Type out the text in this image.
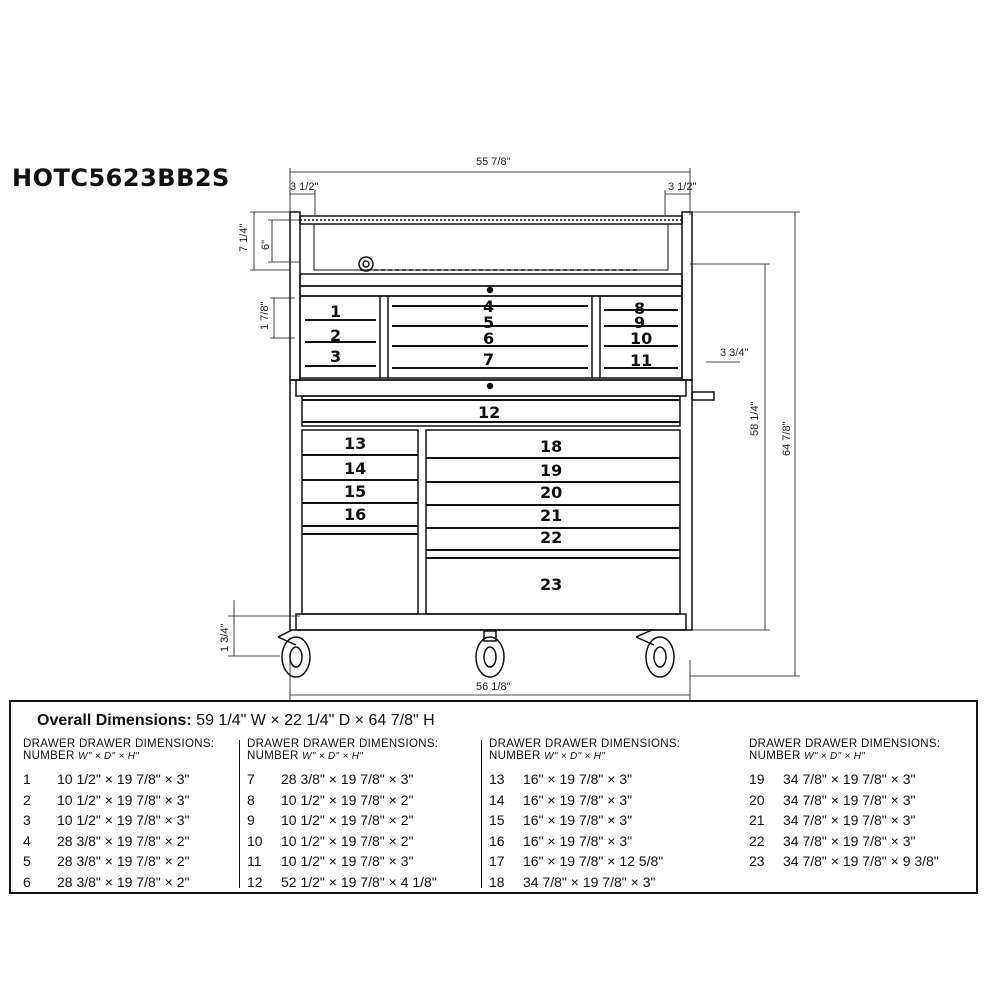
HOTC5623BB2S
55 7/8"
3 1/2"	3 1/2"
7 1/4" 6"
1 7/8"
3 3/4"
58 1/4"
64 7/8"
1 3/4"
56 1/8"
1
2
3
4
5
6
7
8
9
10
11
12
13
14
15
16
18
19
20
21
22
23
Overall Dimensions: 59 1/4" W × 22 1/4" D × 64 7/8" H
DRAWER DRAWER DIMENSIONS:
NUMBER W" × D" × H"
1 10 1/2" × 19 7/8" × 3"
2 10 1/2" × 19 7/8" × 3"
3 10 1/2" × 19 7/8" × 3"
4 28 3/8" × 19 7/8" × 2"
5 28 3/8" × 19 7/8" × 2"
6 28 3/8" × 19 7/8" × 2"
DRAWER DRAWER DIMENSIONS:
NUMBER W" × D" × H"
7 28 3/8" × 19 7/8" × 3"
8 10 1/2" × 19 7/8" × 2"
9 10 1/2" × 19 7/8" × 2"
10 10 1/2" × 19 7/8" × 2"
11 10 1/2" × 19 7/8" × 3"
12 52 1/2" × 19 7/8" × 4 1/8"
DRAWER DRAWER DIMENSIONS:
NUMBER W" × D" × H"
13 16" × 19 7/8" × 3"
14 16" × 19 7/8" × 3"
15 16" × 19 7/8" × 3"
16 16" × 19 7/8" × 3"
17 16" × 19 7/8" × 12 5/8"
18 34 7/8" × 19 7/8" × 3"
DRAWER DRAWER DIMENSIONS:
NUMBER W" × D" × H"
19 34 7/8" × 19 7/8" × 3"
20 34 7/8" × 19 7/8" × 3"
21 34 7/8" × 19 7/8" × 3"
22 34 7/8" × 19 7/8" × 3"
23 34 7/8" × 19 7/8" × 9 3/8"
